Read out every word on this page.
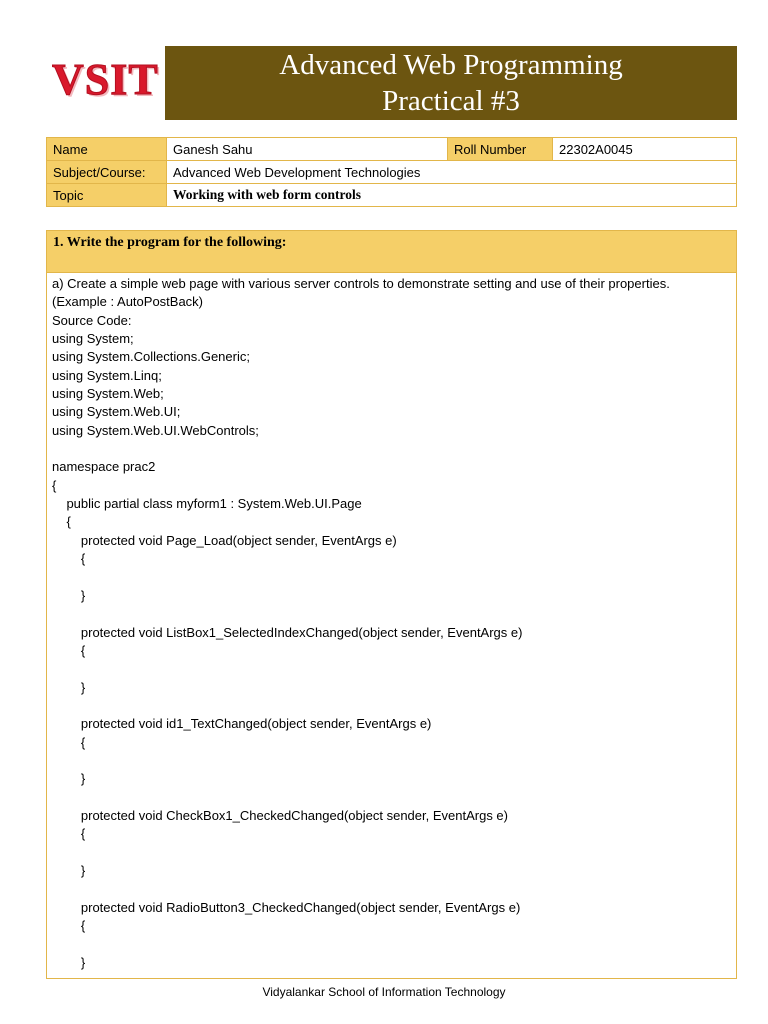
VSIT	Advanced Web Programming
Practical #3
Name	Ganesh Sahu	Roll Number	22302A0045
Subject/Course:	Advanced Web Development Technologies		
Topic	Working with web form controls		
1. Write the program for the following:
a) Create a simple web page with various server controls to demonstrate setting and use of their properties.
(Example : AutoPostBack)
Source Code:
using System;
using System.Collections.Generic;
using System.Linq;
using System.Web;
using System.Web.UI;
using System.Web.UI.WebControls;
namespace prac2
{
public partial class myform1 : System.Web.UI.Page
{
protected void Page_Load(object sender, EventArgs e)
{
}
protected void ListBox1_SelectedIndexChanged(object sender, EventArgs e)
{
}
protected void id1_TextChanged(object sender, EventArgs e)
{
}
protected void CheckBox1_CheckedChanged(object sender, EventArgs e)
{
}
protected void RadioButton3_CheckedChanged(object sender, EventArgs e)
{
}
Vidyalankar School of Information Technology
